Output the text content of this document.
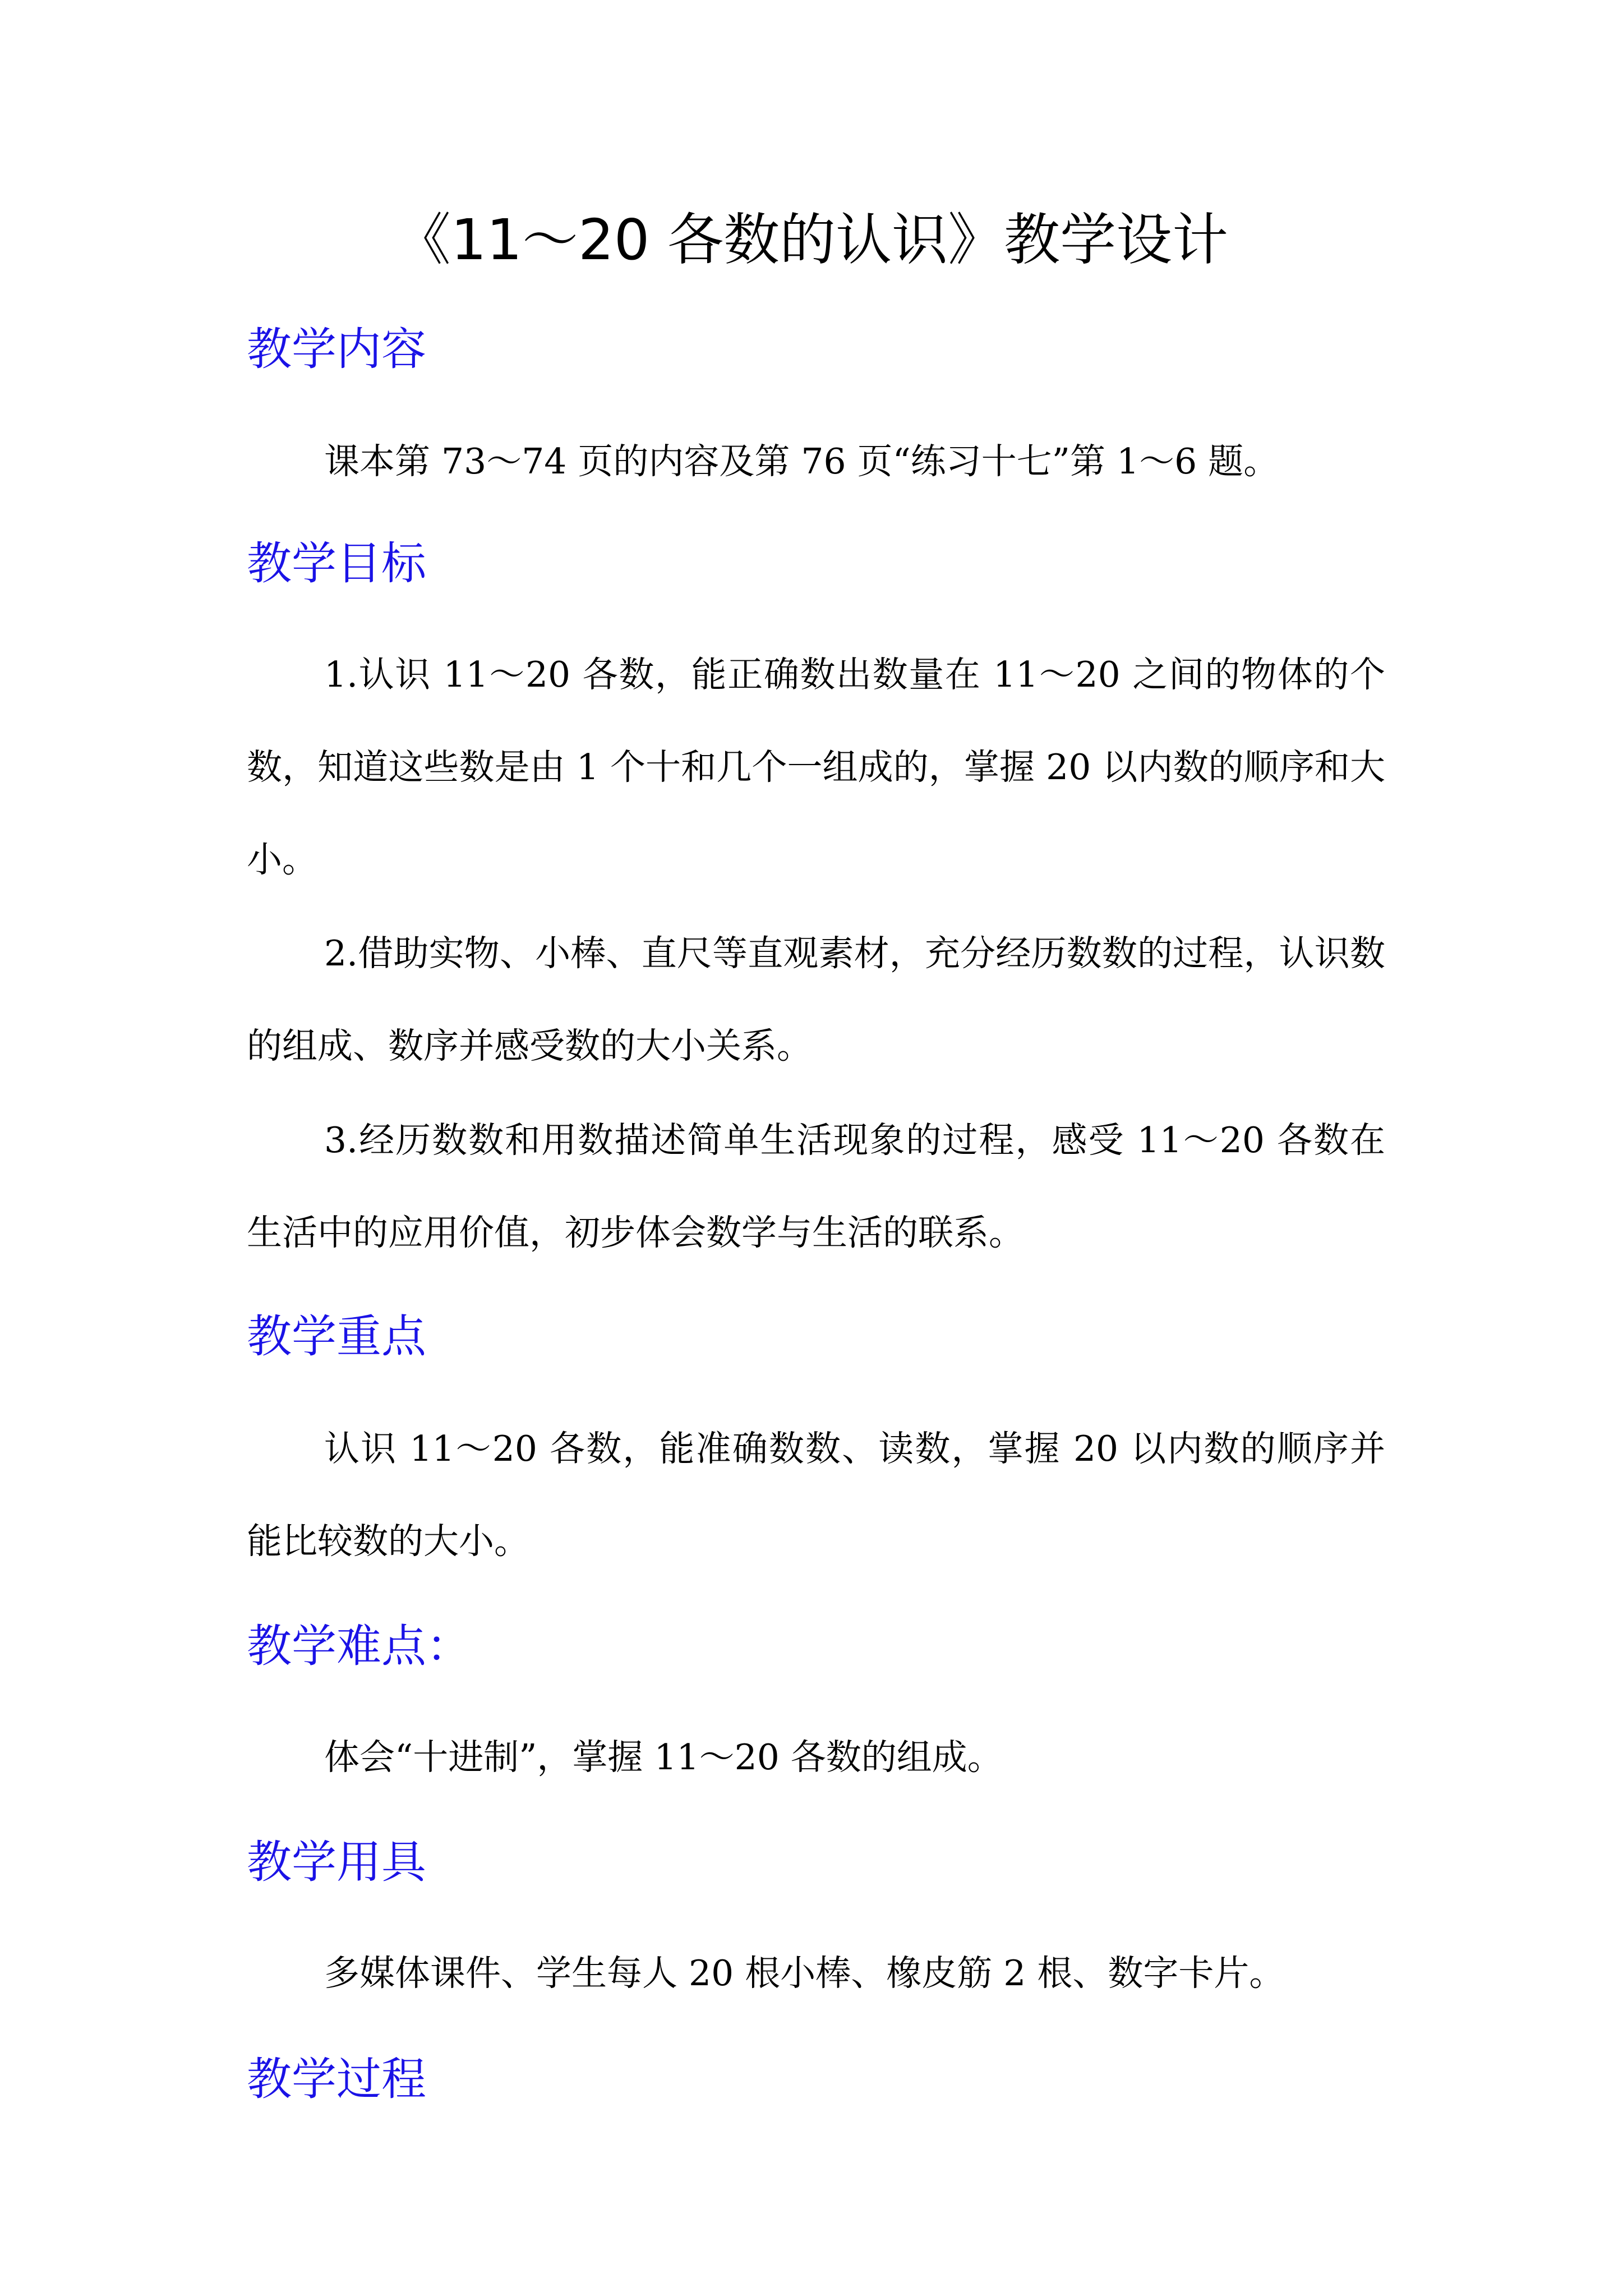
《11～20 各数的认识》教学设计
教学内容

课本第 73～74 页的内容及第 76 页“练习十七”第 1～6 题。

教学目标

1.认识 11～20 各数，能正确数出数量在 11～20 之间的物体的个数，知道这些数是由 1 个十和几个一组成的，掌握 20 以内数的顺序和大小。

2.借助实物、小棒、直尺等直观素材，充分经历数数的过程，认识数的组成、数序并感受数的大小关系。

3.经历数数和用数描述简单生活现象的过程，感受 11～20 各数在生活中的应用价值，初步体会数学与生活的联系。

教学重点

认识 11～20 各数，能准确数数、读数，掌握 20 以内数的顺序并能比较数的大小。

教学难点：

体会“十进制”，掌握 11～20 各数的组成。

教学用具

多媒体课件、学生每人 20 根小棒、橡皮筋 2 根、数字卡片。

教学过程
